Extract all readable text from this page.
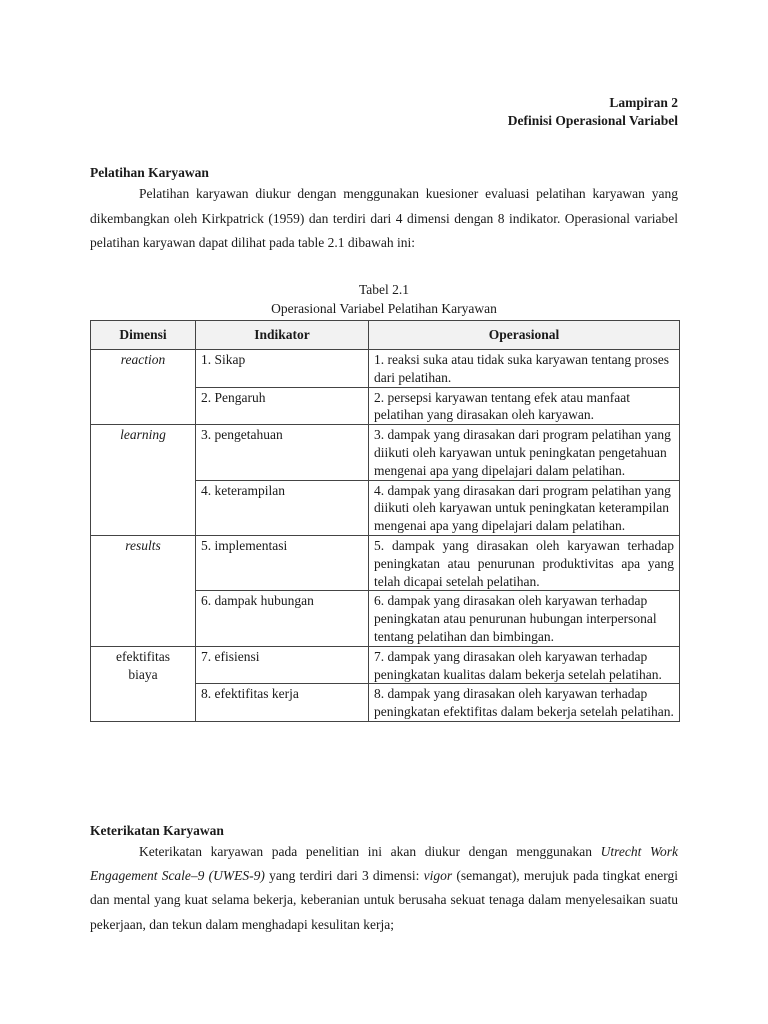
Lampiran 2
Definisi Operasional Variabel
Pelatihan Karyawan

Pelatihan karyawan diukur dengan menggunakan kuesioner evaluasi pelatihan karyawan yang dikembangkan oleh Kirkpatrick (1959) dan terdiri dari 4 dimensi dengan 8 indikator. Operasional variabel pelatihan karyawan dapat dilihat pada table 2.1 dibawah ini:

Tabel 2.1
Operasional Variabel Pelatihan Karyawan
Dimensi	Indikator	Operasional
reaction	1. Sikap	1. reaksi suka atau tidak suka karyawan tentang proses dari pelatihan.
	2. Pengaruh	2. persepsi karyawan tentang efek atau manfaat pelatihan yang dirasakan oleh karyawan.
learning	3. pengetahuan	3. dampak yang dirasakan dari program pelatihan yang diikuti oleh karyawan untuk peningkatan pengetahuan mengenai apa yang dipelajari dalam pelatihan.
	4. keterampilan	4. dampak yang dirasakan dari program pelatihan yang diikuti oleh karyawan untuk peningkatan keterampilan mengenai apa yang dipelajari dalam pelatihan.
results	5. implementasi	5. dampak yang dirasakan oleh karyawan terhadap peningkatan atau penurunan produktivitas apa yang telah dicapai setelah pelatihan.
	6. dampak hubungan	6. dampak yang dirasakan oleh karyawan terhadap peningkatan atau penurunan hubungan interpersonal tentang pelatihan dan bimbingan.
efektifitas biaya	7. efisiensi	7. dampak yang dirasakan oleh karyawan terhadap peningkatan kualitas dalam bekerja setelah pelatihan.
	8. efektifitas kerja	8. dampak yang dirasakan oleh karyawan terhadap peningkatan efektifitas dalam bekerja setelah pelatihan.
Keterikatan Karyawan

Keterikatan karyawan pada penelitian ini akan diukur dengan menggunakan Utrecht Work Engagement Scale–9 (UWES-9) yang terdiri dari 3 dimensi: vigor (semangat), merujuk pada tingkat energi dan mental yang kuat selama bekerja, keberanian untuk berusaha sekuat tenaga dalam menyelesaikan suatu pekerjaan, dan tekun dalam menghadapi kesulitan kerja;
